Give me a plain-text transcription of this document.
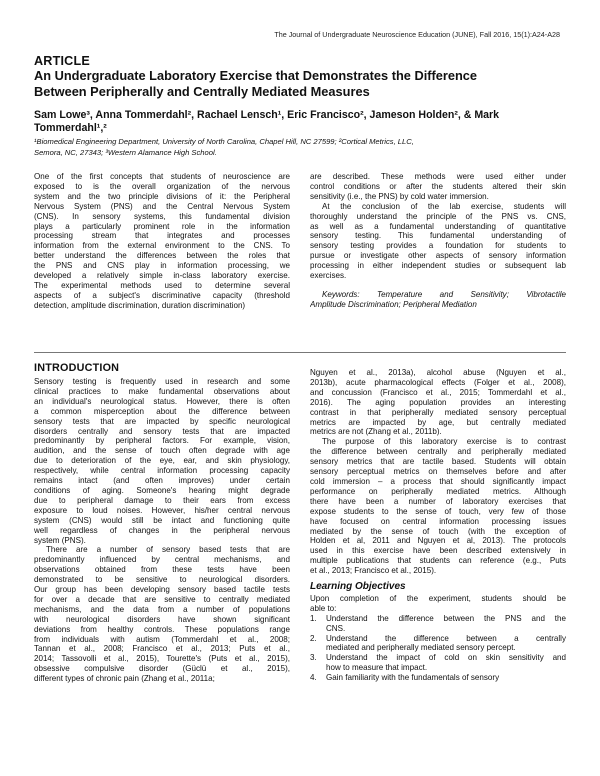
The Journal of Undergraduate Neuroscience Education (JUNE), Fall 2016, 15(1):A24-A28
ARTICLE
An Undergraduate Laboratory Exercise that Demonstrates the Difference
Between Peripherally and Centrally Mediated Measures
Sam Lowe³, Anna Tommerdahl², Rachael Lensch¹, Eric Francisco², Jameson Holden², & Mark
Tommerdahl¹,²
¹Biomedical Engineering Department, University of North Carolina, Chapel Hill, NC 27599; ²Cortical Metrics, LLC,
Semora, NC, 27343; ³Western Alamance High School.
One of the first concepts that students of neuroscience are
exposed to is the overall organization of the nervous
system and the two principle divisions of it: the Peripheral
Nervous System (PNS) and the Central Nervous System
(CNS). In sensory systems, this fundamental division
plays a particularly prominent role in the information
processing stream that integrates and processes
information from the external environment to the CNS. To
better understand the differences between the roles that
the PNS and CNS play in information processing, we
developed a relatively simple in-class laboratory exercise.
The experimental methods used to determine several
aspects of a subject's discriminative capacity (threshold
detection, amplitude discrimination, duration discrimination)
are described. These methods were used either under
control conditions or after the students altered their skin
sensitivity (i.e., the PNS) by cold water immersion.
At the conclusion of the lab exercise, students will
thoroughly understand the principle of the PNS vs. CNS,
as well as a fundamental understanding of quantitative
sensory testing. This fundamental understanding of
sensory testing provides a foundation for students to
pursue or investigate other aspects of sensory information
processing in either independent studies or subsequent lab
exercises.
Keywords: Temperature and Sensitivity; Vibrotactile
Amplitude Discrimination; Peripheral Mediation
INTRODUCTION
Sensory testing is frequently used in research and some
clinical practices to make fundamental observations about
an individual's neurological status. However, there is often
a common misperception about the difference between
sensory tests that are impacted by specific neurological
disorders centrally and sensory tests that are impacted
predominantly by peripheral factors. For example, vision,
audition, and the sense of touch often degrade with age
due to deterioration of the eye, ear, and skin physiology,
respectively, while central information processing capacity
remains intact (and often improves) under certain
conditions of aging. Someone's hearing might degrade
due to peripheral damage to their ears from excess
exposure to loud noises. However, his/her central nervous
system (CNS) would still be intact and functioning quite
well regardless of changes in the peripheral nervous
system (PNS).
There are a number of sensory based tests that are
predominantly influenced by central mechanisms, and
observations obtained from these tests have been
demonstrated to be sensitive to neurological disorders.
Our group has been developing sensory based tactile tests
for over a decade that are sensitive to centrally mediated
mechanisms, and the data from a number of populations
with neurological disorders have shown significant
deviations from healthy controls. These populations range
from individuals with autism (Tommerdahl et al., 2008;
Tannan et al., 2008; Francisco et al., 2013; Puts et al.,
2014; Tassovolli et al., 2015), Tourette's (Puts et al., 2015),
obsessive compulsive disorder (Güclü et al., 2015),
different types of chronic pain (Zhang et al., 2011a;
Nguyen et al., 2013a), alcohol abuse (Nguyen et al.,
2013b), acute pharmacological effects (Folger et al., 2008),
and concussion (Francisco et al., 2015; Tommerdahl et al.,
2016). The aging population provides an interesting
contrast in that peripherally mediated sensory perceptual
metrics are impacted by age, but centrally mediated
metrics are not (Zhang et al., 2011b).
The purpose of this laboratory exercise is to contrast
the difference between centrally and peripherally mediated
sensory metrics that are tactile based. Students will obtain
sensory perceptual metrics on themselves before and after
cold immersion – a process that should significantly impact
performance on peripherally mediated metrics. Although
there have been a number of laboratory exercises that
expose students to the sense of touch, very few of those
have focused on central information processing issues
mediated by the sense of touch (with the exception of
Holden et al, 2011 and Nguyen et al, 2013). The protocols
used in this exercise have been described extensively in
multiple publications that students can reference (e.g., Puts
et al., 2013; Francisco et al., 2015).
Learning Objectives
Upon completion of the experiment, students should be
able to:
1. Understand the difference between the PNS and the
CNS.
2. Understand the difference between a centrally
mediated and peripherally mediated sensory percept.
3. Understand the impact of cold on skin sensitivity and
how to measure that impact.
4. Gain familiarity with the fundamentals of sensory
